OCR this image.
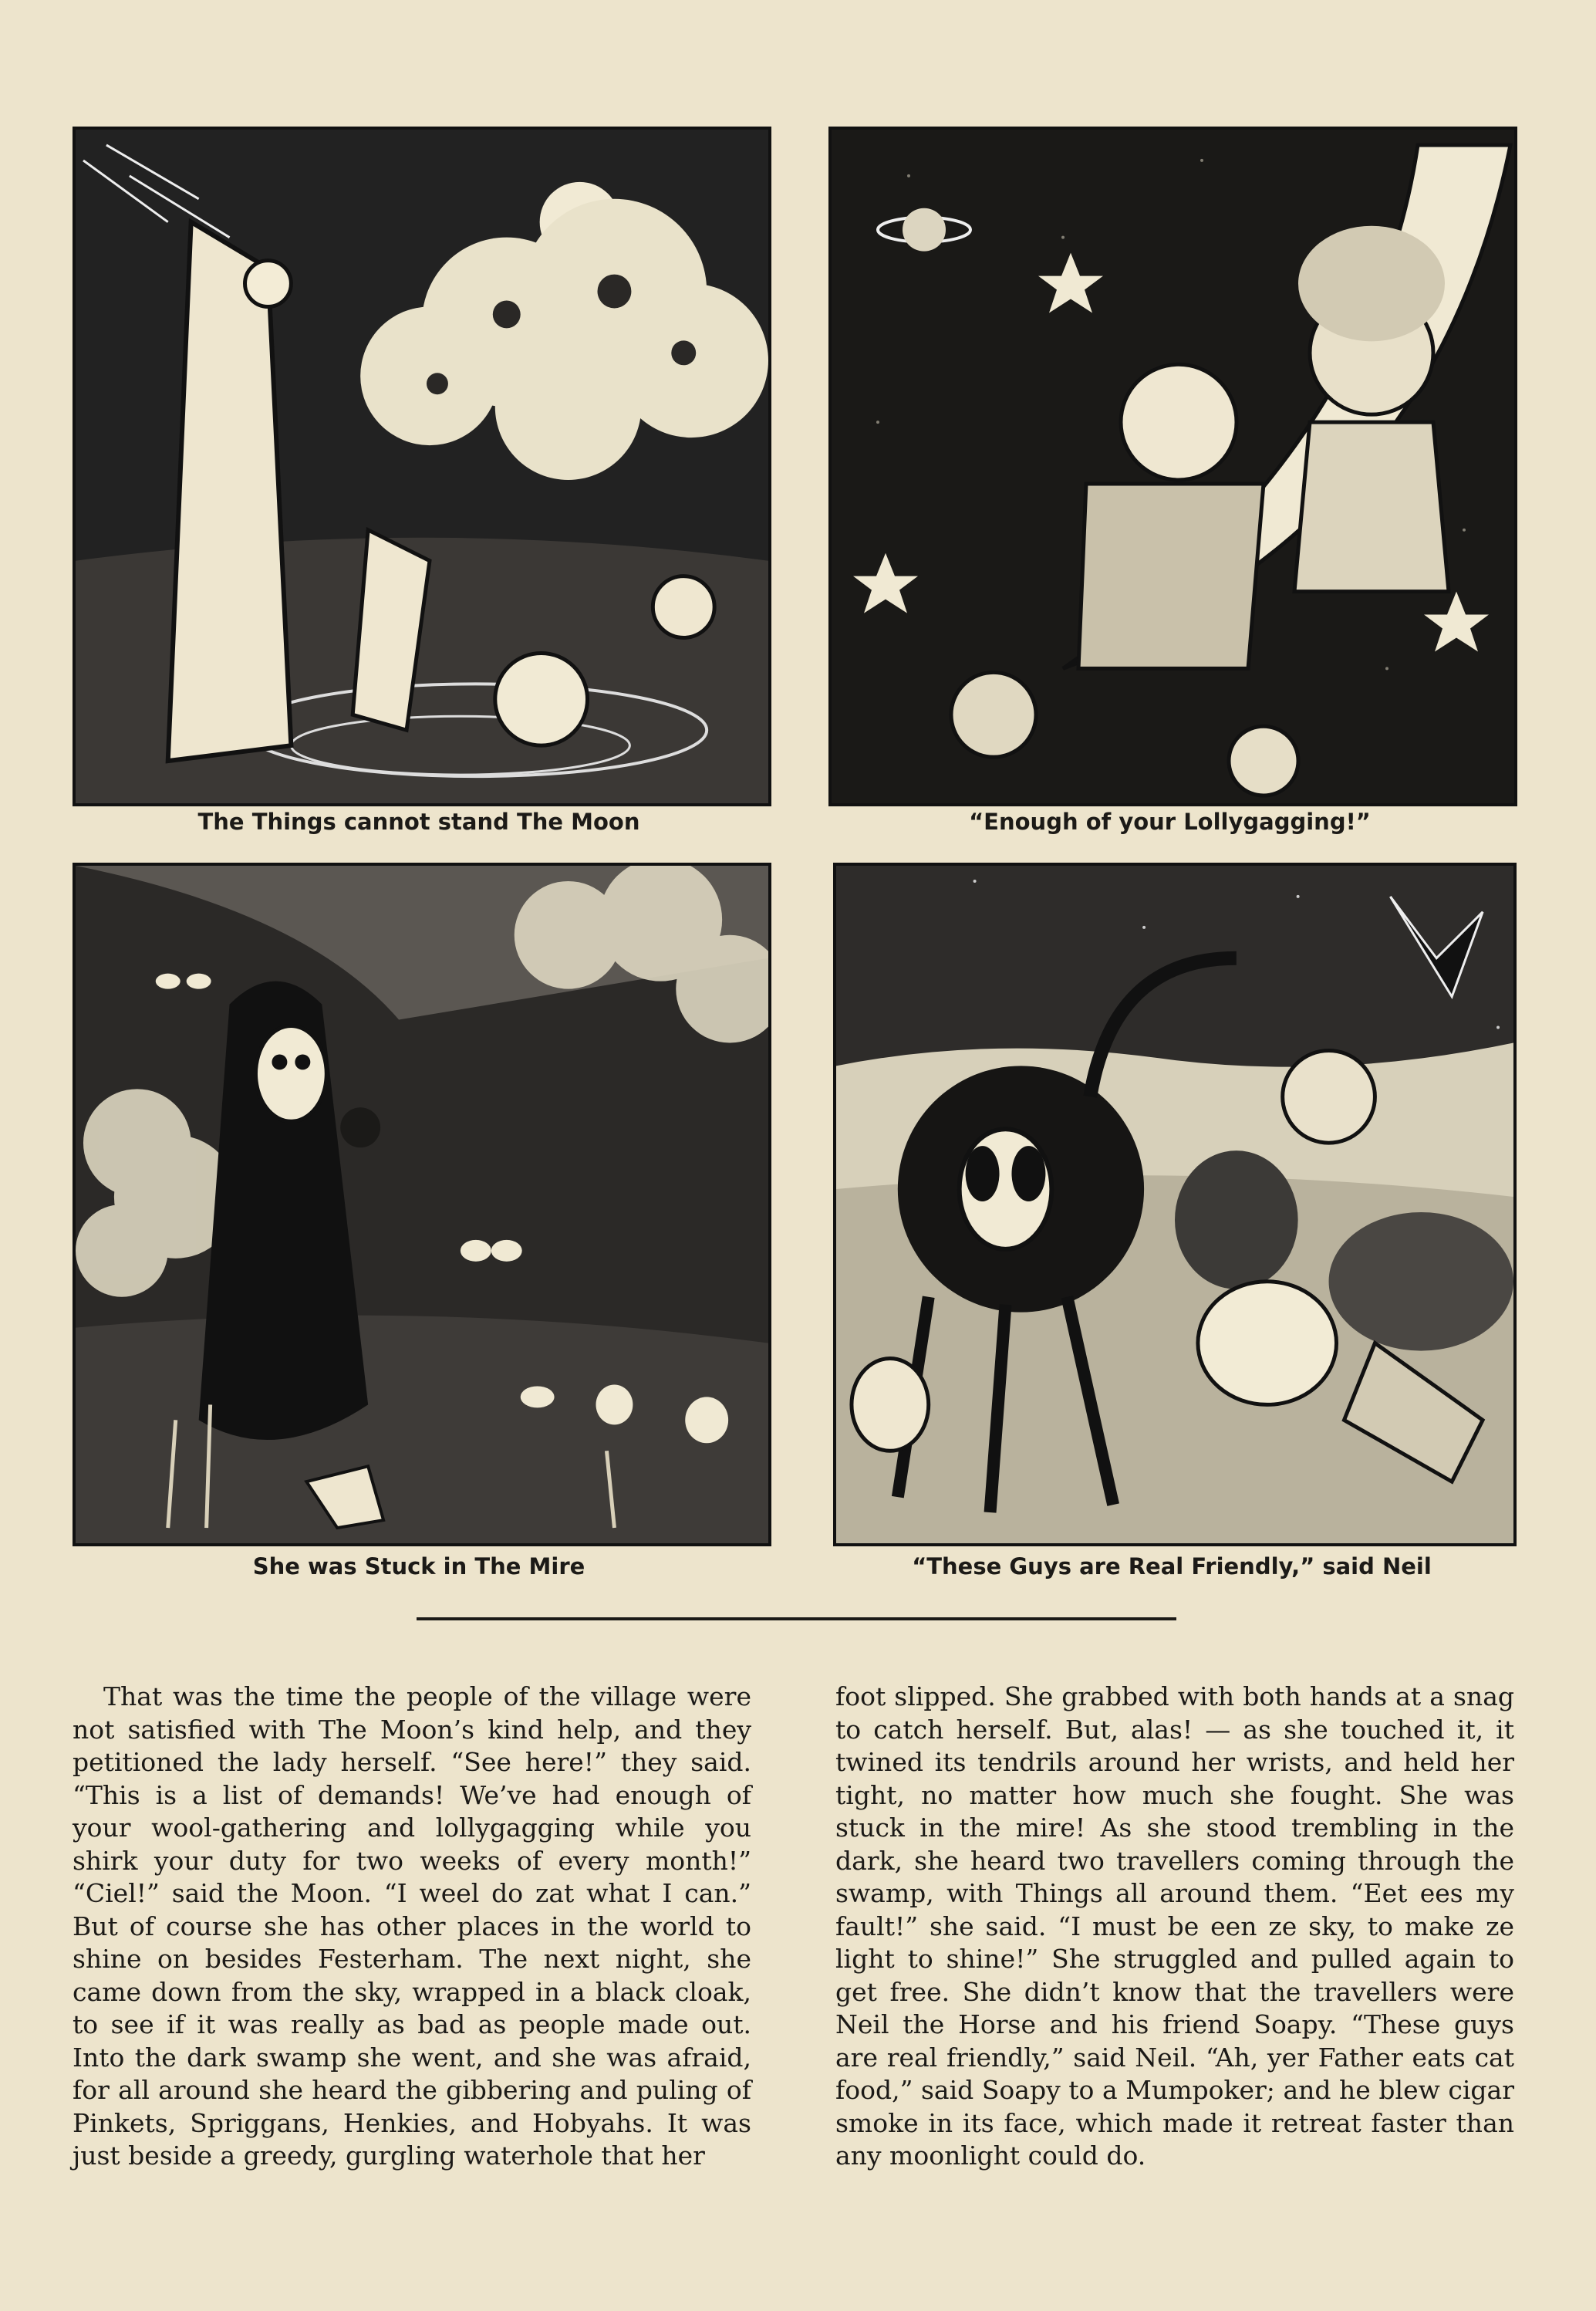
The Things cannot stand The Moon	“Enough of your Lollygagging!”
She was Stuck in The Mire	“These Guys are Real Friendly,” said Neil

That was the time the people of the village were not satisfied with The Moon’s kind help, and they petitioned the lady herself. “See here!” they said. “This is a list of demands! We’ve had enough of your wool-gathering and lollygagging while you shirk your duty for two weeks of every month!” “Ciel!” said the Moon. “I weel do zat what I can.” But of course she has other places in the world to shine on besides Festerham. The next night, she came down from the sky, wrapped in a black cloak, to see if it was really as bad as people made out. Into the dark swamp she went, and she was afraid, for all around she heard the gibbering and puling of Pinkets, Spriggans, Henkies, and Hobyahs. It was just beside a greedy, gurgling waterhole that her

foot slipped. She grabbed with both hands at a snag to catch herself. But, alas! — as she touched it, it twined its tendrils around her wrists, and held her tight, no matter how much she fought. She was stuck in the mire! As she stood trembling in the dark, she heard two travellers coming through the swamp, with Things all around them. “Eet ees my fault!” she said. “I must be een ze sky, to make ze light to shine!” She struggled and pulled again to get free. She didn’t know that the travellers were Neil the Horse and his friend Soapy. “These guys are real friendly,” said Neil. “Ah, yer Father eats cat food,” said Soapy to a Mumpoker; and he blew cigar smoke in its face, which made it retreat faster than any moonlight could do.
